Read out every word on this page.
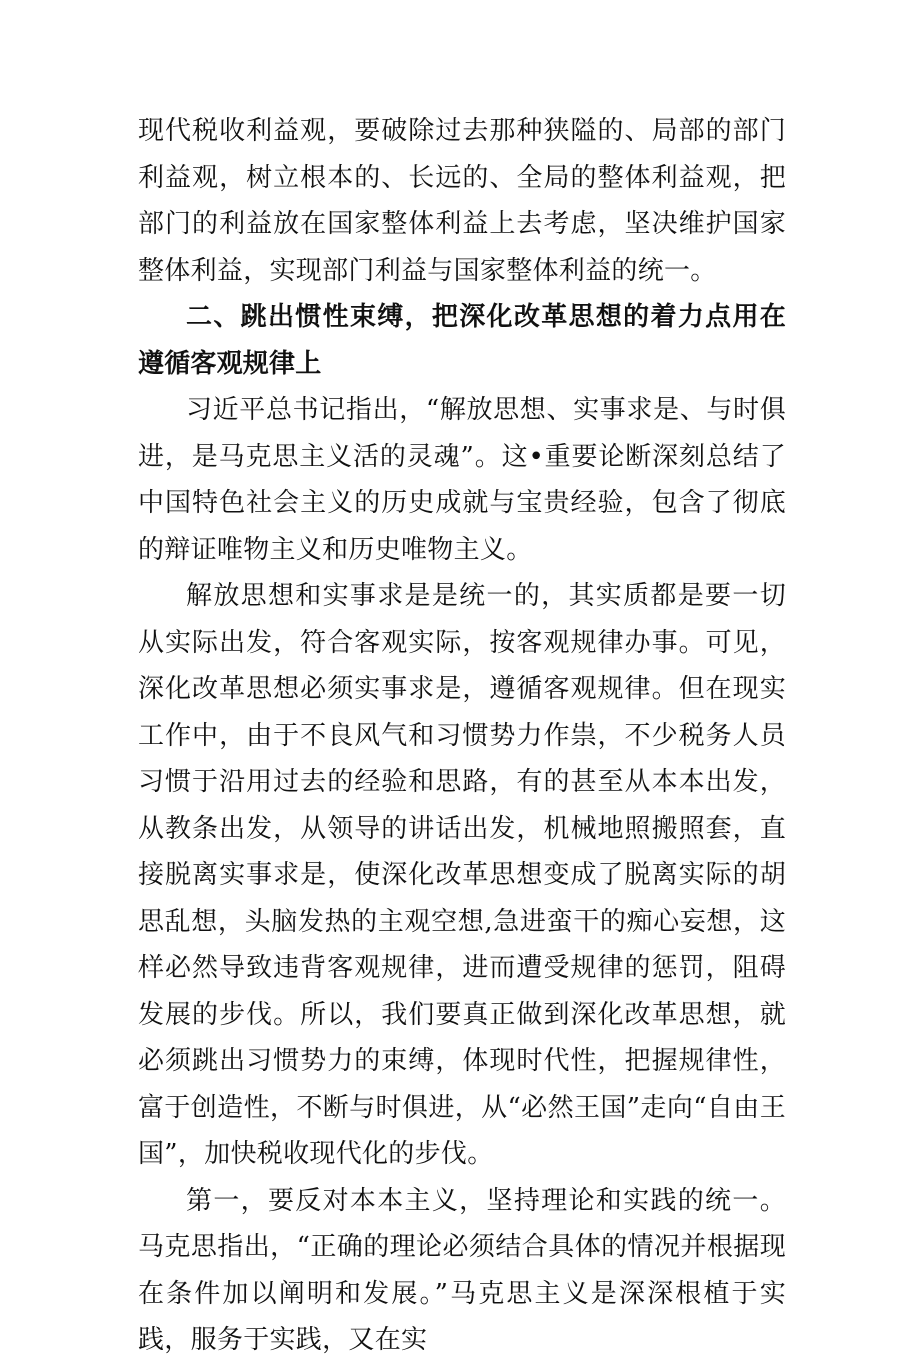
现代税收利益观，要破除过去那种狭隘的、局部的部门利益观，树立根本的、长远的、全局的整体利益观，把部门的利益放在国家整体利益上去考虑，坚决维护国家整体利益，实现部门利益与国家整体利益的统一。

二、跳出惯性束缚，把深化改革思想的着力点用在遵循客观规律上

习近平总书记指出，“解放思想、实事求是、与时俱进，是马克思主义活的灵魂”。这•重要论断深刻总结了中国特色社会主义的历史成就与宝贵经验，包含了彻底的辩证唯物主义和历史唯物主义。

解放思想和实事求是是统一的，其实质都是要一切从实际出发，符合客观实际，按客观规律办事。可见，深化改革思想必须实事求是，遵循客观规律。但在现实工作中，由于不良风气和习惯势力作祟，不少税务人员习惯于沿用过去的经验和思路，有的甚至从本本出发，从教条出发，从领导的讲话出发，机械地照搬照套，直接脱离实事求是，使深化改革思想变成了脱离实际的胡思乱想，头脑发热的主观空想,急进蛮干的痴心妄想，这样必然导致违背客观规律，进而遭受规律的惩罚，阻碍发展的步伐。所以，我们要真正做到深化改革思想，就必须跳出习惯势力的束缚，体现时代性，把握规律性，富于创造性，不断与时俱进，从“必然王国”走向“自由王国”，加快税收现代化的步伐。

第一，要反对本本主义，坚持理论和实践的统一。马克思指出，“正确的理论必须结合具体的情况并根据现在条件加以阐明和发展。”马克思主义是深深根植于实践，服务于实践，又在实
